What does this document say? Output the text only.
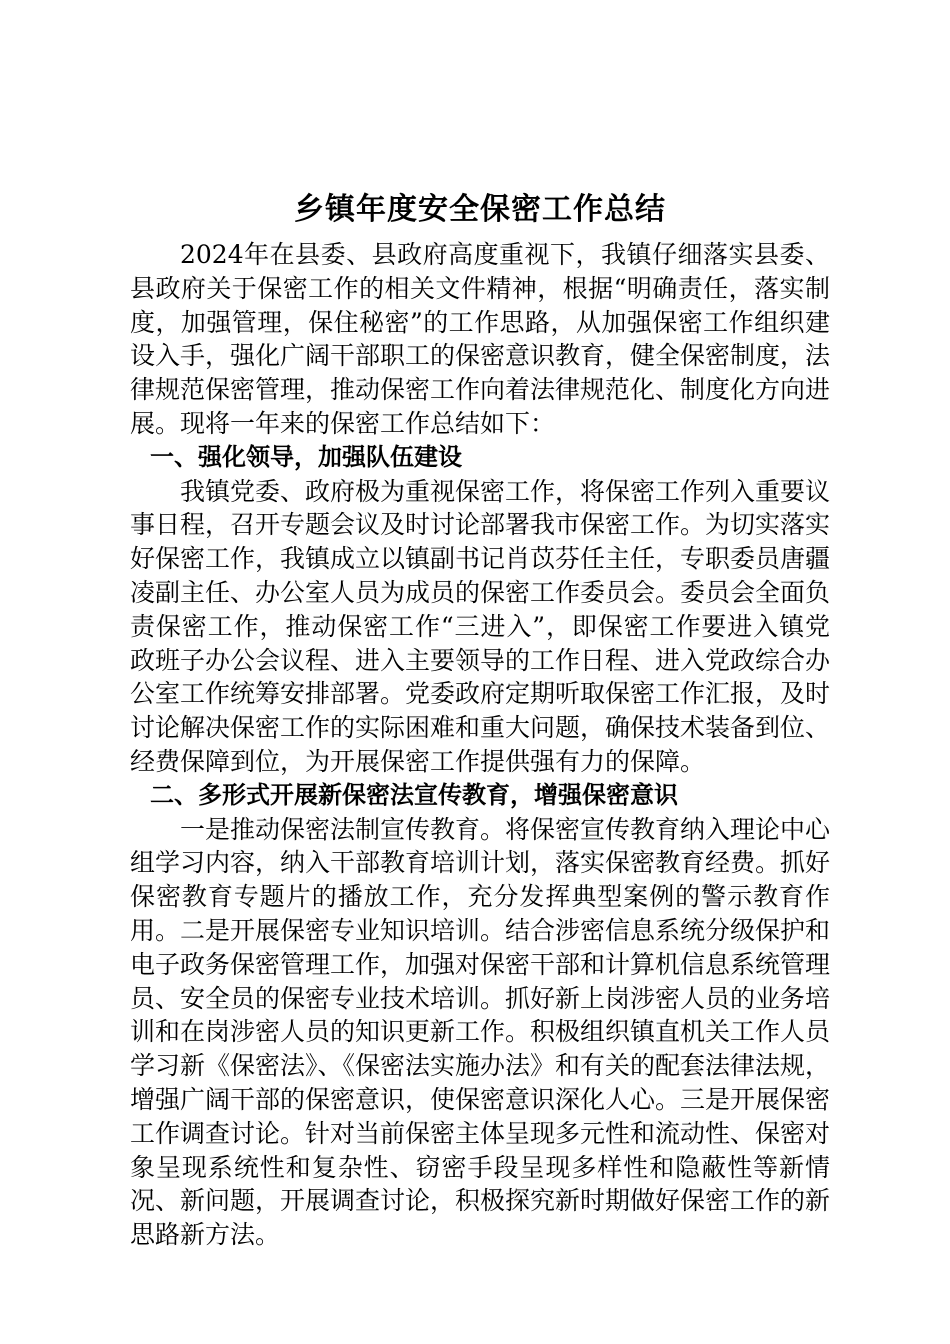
乡镇年度安全保密工作总结

2024年在县委、县政府高度重视下，我镇仔细落实县委、县政府关于保密工作的相关文件精神，根据“明确责任，落实制度，加强管理，保住秘密”的工作思路，从加强保密工作组织建设入手，强化广阔干部职工的保密意识教育，健全保密制度，法律规范保密管理，推动保密工作向着法律规范化、制度化方向进展。现将一年来的保密工作总结如下：

一、强化领导，加强队伍建设

我镇党委、政府极为重视保密工作，将保密工作列入重要议事日程，召开专题会议及时讨论部署我市保密工作。为切实落实好保密工作，我镇成立以镇副书记肖苡芬任主任，专职委员唐疆凌副主任、办公室人员为成员的保密工作委员会。委员会全面负责保密工作，推动保密工作“三进入”，即保密工作要进入镇党政班子办公会议程、进入主要领导的工作日程、进入党政综合办公室工作统筹安排部署。党委政府定期听取保密工作汇报，及时讨论解决保密工作的实际困难和重大问题，确保技术装备到位、经费保障到位，为开展保密工作提供强有力的保障。

二、多形式开展新保密法宣传教育，增强保密意识

一是推动保密法制宣传教育。将保密宣传教育纳入理论中心组学习内容，纳入干部教育培训计划，落实保密教育经费。抓好保密教育专题片的播放工作，充分发挥典型案例的警示教育作用。二是开展保密专业知识培训。结合涉密信息系统分级保护和电子政务保密管理工作，加强对保密干部和计算机信息系统管理员、安全员的保密专业技术培训。抓好新上岗涉密人员的业务培训和在岗涉密人员的知识更新工作。积极组织镇直机关工作人员学习新《保密法》、《保密法实施办法》和有关的配套法律法规，增强广阔干部的保密意识，使保密意识深化人心。三是开展保密工作调查讨论。针对当前保密主体呈现多元性和流动性、保密对象呈现系统性和复杂性、窃密手段呈现多样性和隐蔽性等新情况、新问题，开展调查讨论，积极探究新时期做好保密工作的新思路新方法。
